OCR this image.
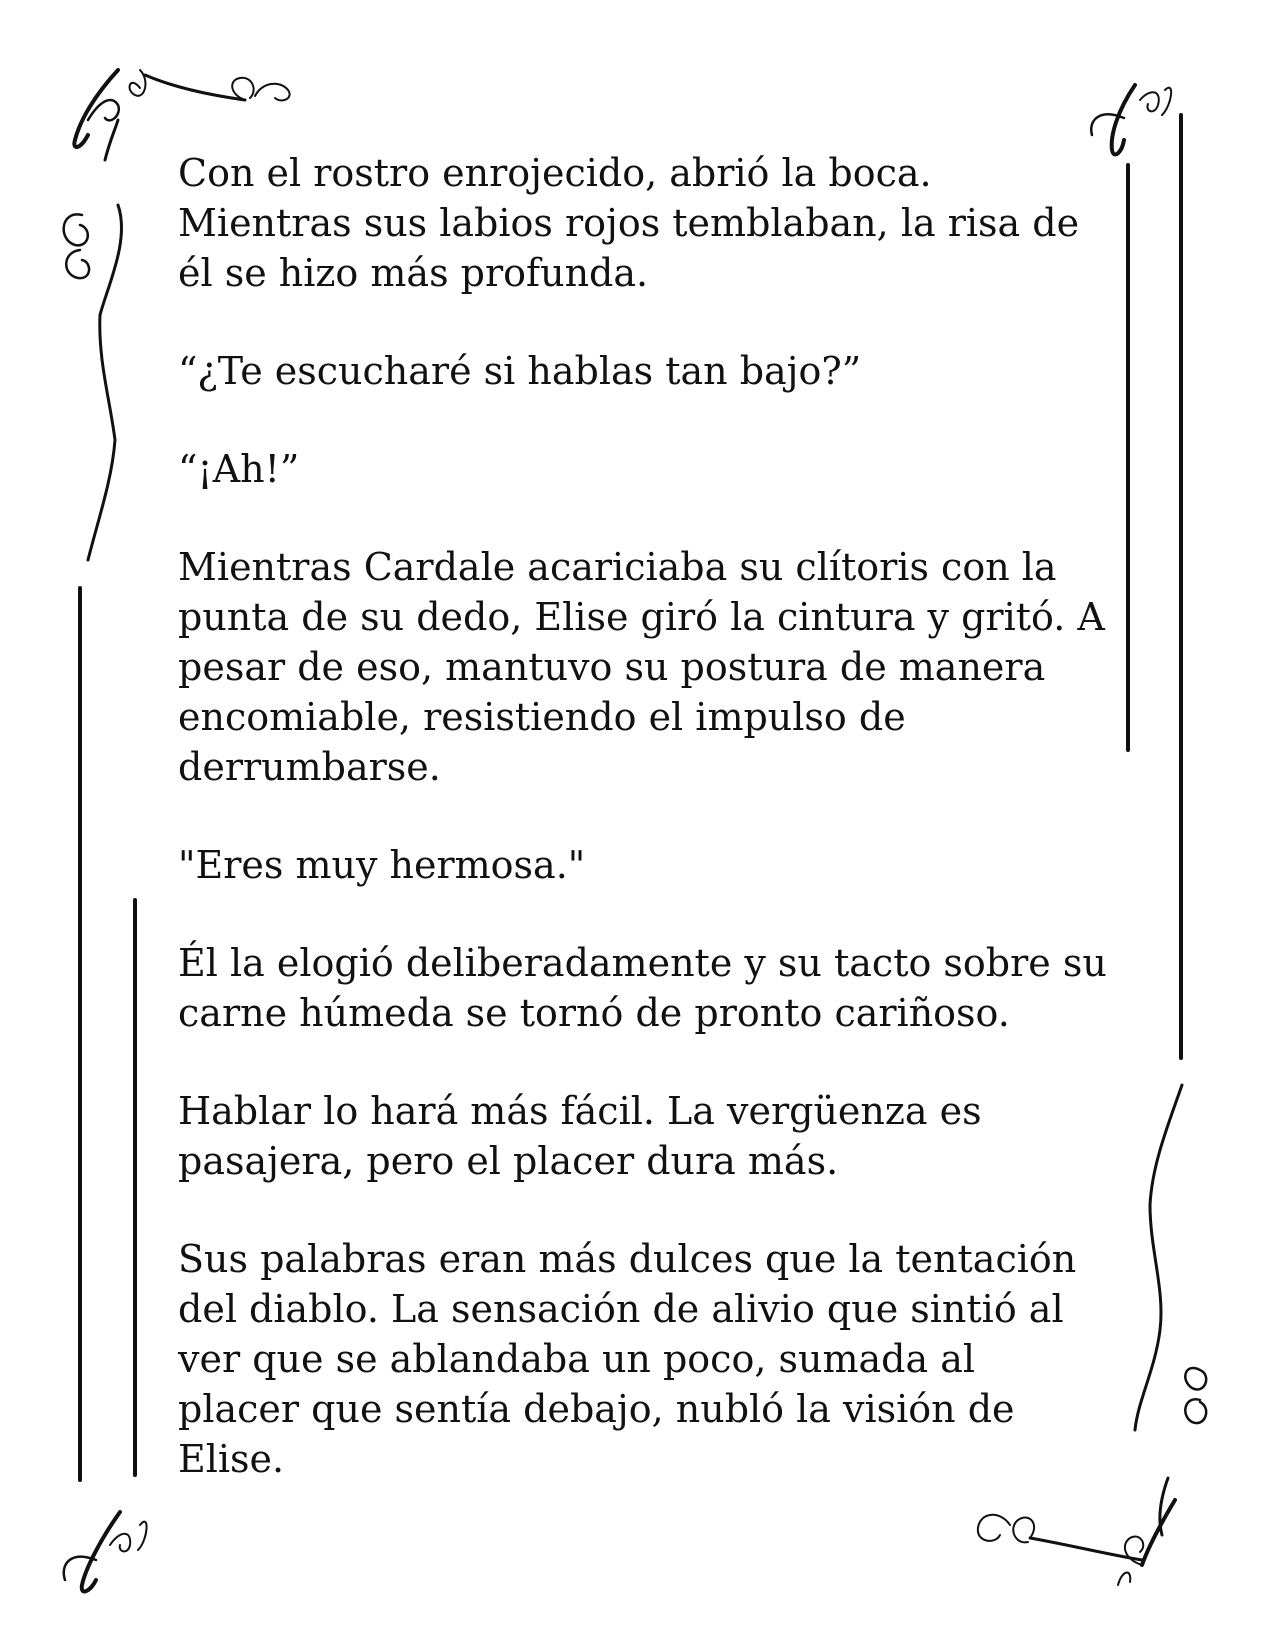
Con el rostro enrojecido, abrió la boca. Mientras sus labios rojos temblaban, la risa de él se hizo más profunda.

“¿Te escucharé si hablas tan bajo?”

“¡Ah!”

Mientras Cardale acariciaba su clítoris con la punta de su dedo, Elise giró la cintura y gritó. A pesar de eso, mantuvo su postura de manera encomiable, resistiendo el impulso de derrumbarse.

"Eres muy hermosa."

Él la elogió deliberadamente y su tacto sobre su carne húmeda se tornó de pronto cariñoso.

Hablar lo hará más fácil. La vergüenza es pasajera, pero el placer dura más.

Sus palabras eran más dulces que la tentación del diablo. La sensación de alivio que sintió al ver que se ablandaba un poco, sumada al placer que sentía debajo, nubló la visión de Elise.
